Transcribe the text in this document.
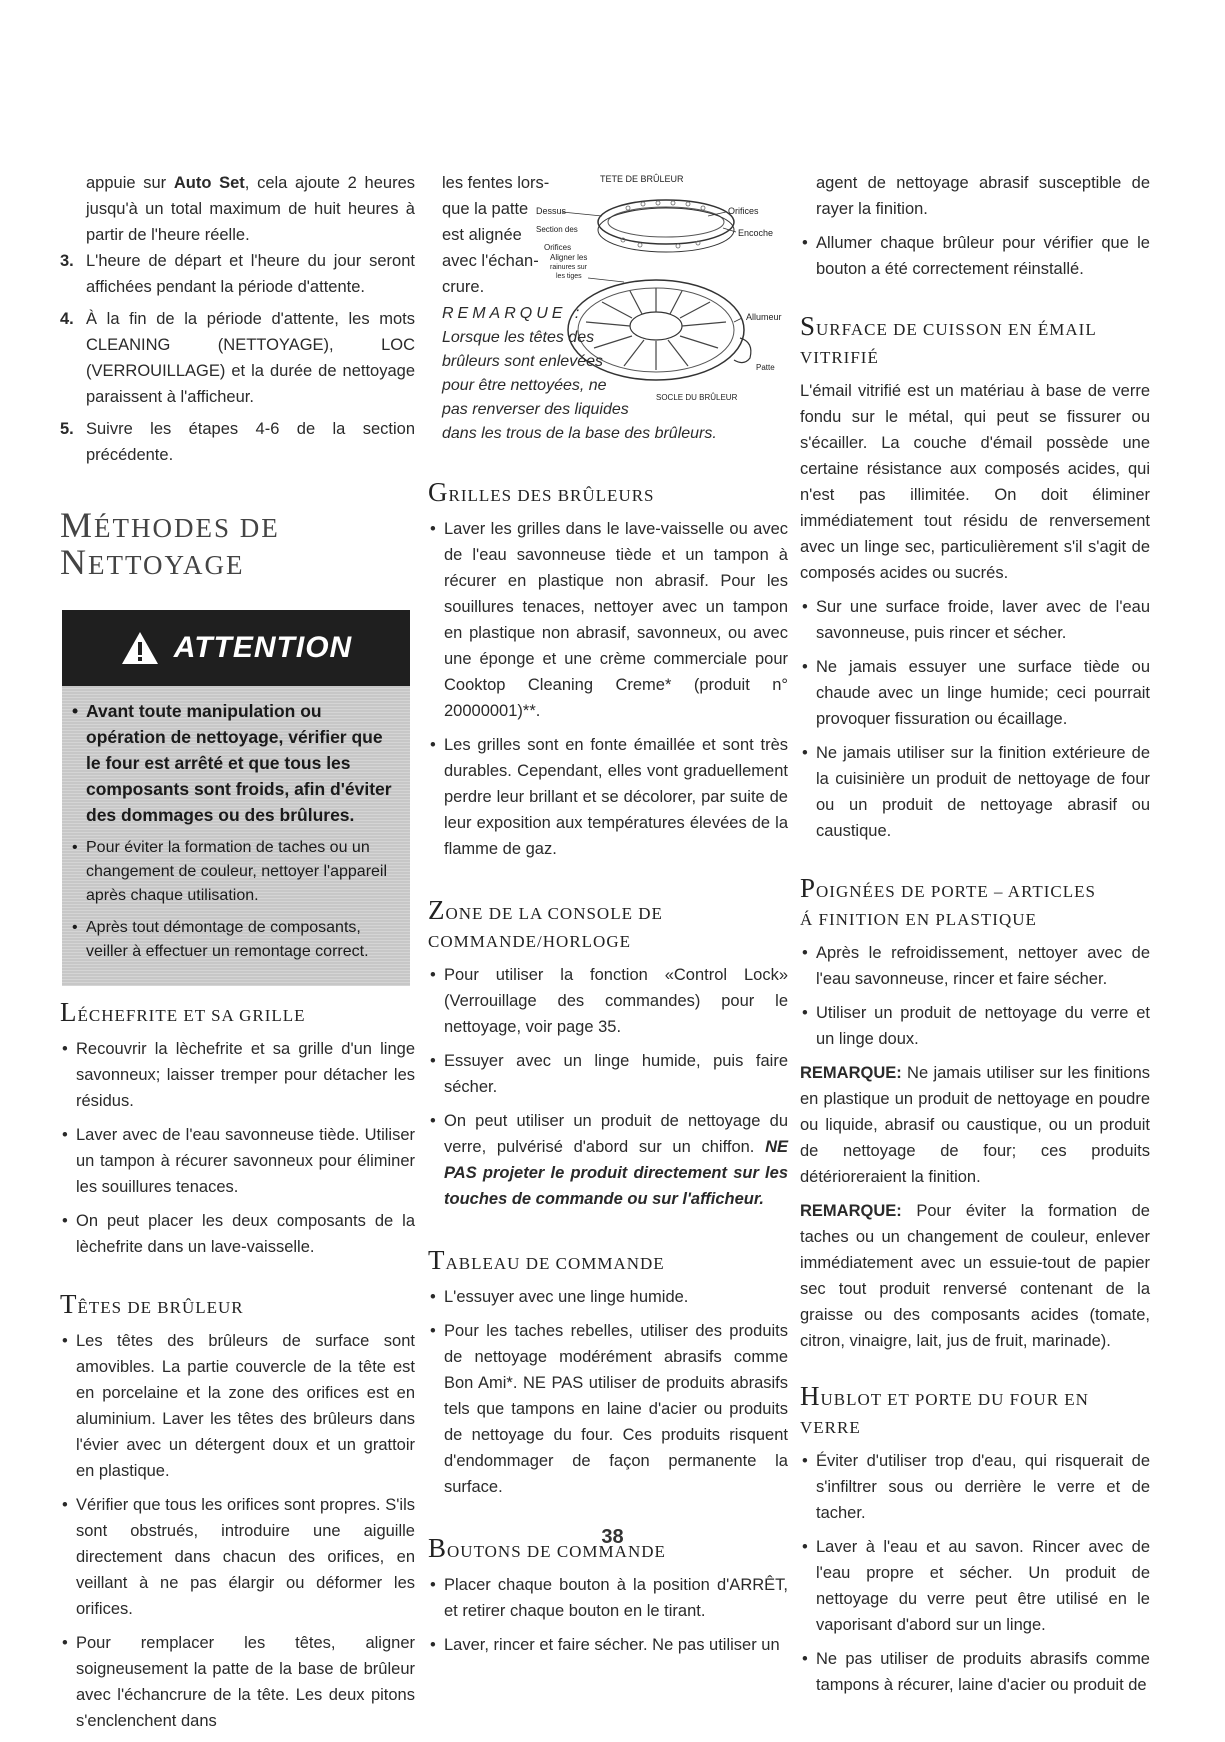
appuie sur Auto Set, cela ajoute 2 heures jusqu'à un total maximum de huit heures à partir de l'heure réelle.

3. L'heure de départ et l'heure du jour seront affichées pendant la période d'attente.
4. À la fin de la période d'attente, les mots CLEANING (NETTOYAGE), LOC (VERROUILLAGE) et la durée de nettoyage paraissent à l'afficheur.
5. Suivre les étapes 4-6 de la section précédente.
MÉTHODES DE
NETTOYAGE
ATTENTION
• Avant toute manipulation ou opération de nettoyage, vérifier que le four est arrêté et que tous les composants sont froids, afin d'éviter des dommages ou des brûlures.
• Pour éviter la formation de taches ou un changement de couleur, nettoyer l'appareil après chaque utilisation.
• Après tout démontage de composants, veiller à effectuer un remontage correct.
LÉCHEFRITE ET SA GRILLE
• Recouvrir la lèchefrite et sa grille d'un linge savonneux; laisser tremper pour détacher les résidus.
• Laver avec de l'eau savonneuse tiède. Utiliser un tampon à récurer savonneux pour éliminer les souillures tenaces.
• On peut placer les deux composants de la lèchefrite dans un lave-vaisselle.
TÊTES DE BRÛLEUR
• Les têtes des brûleurs de surface sont amovibles. La partie couvercle de la tête est en porcelaine et la zone des orifices est en aluminium. Laver les têtes des brûleurs dans l'évier avec un détergent doux et un grattoir en plastique.
• Vérifier que tous les orifices sont propres. S'ils sont obstrués, introduire une aiguille directement dans chacun des orifices, en veillant à ne pas élargir ou déformer les orifices.
• Pour remplacer les têtes, aligner soigneusement la patte de la base de brûleur avec l'échancrure de la tête. Les deux pitons s'enclenchent dans
les fentes lors-
que la patte
est alignée
avec l'échan-
crure.
TETE DE BRÛLEUR
Dessus	Orifices
Section des
Orifices
Encoche
Aligner les
rainures sur
les tiges
Allumeur
Patte
SOCLE DU BRÛLEUR
REMARQUE :
Lorsque les têtes des
brûleurs sont enlevées
pour être nettoyées, ne
pas renverser des liquides
dans les trous de la base des brûleurs.
GRILLES DES BRÛLEURS
• Laver les grilles dans le lave-vaisselle ou avec de l'eau savonneuse tiède et un tampon à récurer en plastique non abrasif. Pour les souillures tenaces, nettoyer avec un tampon en plastique non abrasif, savonneux, ou avec une éponge et une crème commerciale pour Cooktop Cleaning Creme* (produit n° 20000001)**.
• Les grilles sont en fonte émaillée et sont très durables. Cependant, elles vont graduellement perdre leur brillant et se décolorer, par suite de leur exposition aux températures élevées de la flamme de gaz.
ZONE DE LA CONSOLE DE
COMMANDE/HORLOGE
• Pour utiliser la fonction «Control Lock» (Verrouillage des commandes) pour le nettoyage, voir page 35.
• Essuyer avec un linge humide, puis faire sécher.
• On peut utiliser un produit de nettoyage du verre, pulvérisé d'abord sur un chiffon. NE PAS projeter le produit directement sur les touches de commande ou sur l'afficheur.
TABLEAU DE COMMANDE
• L'essuyer avec une linge humide.
• Pour les taches rebelles, utiliser des produits de nettoyage modérément abrasifs comme Bon Ami*. NE PAS utiliser de produits abrasifs tels que tampons en laine d'acier ou produits de nettoyage du four. Ces produits risquent d'endommager de façon permanente la surface.
BOUTONS DE COMMANDE
• Placer chaque bouton à la position d'ARRÊT, et retirer chaque bouton en le tirant.
• Laver, rincer et faire sécher. Ne pas utiliser un

agent de nettoyage abrasif susceptible de rayer la finition.

• Allumer chaque brûleur pour vérifier que le bouton a été correctement réinstallé.
SURFACE DE CUISSON EN ÉMAIL
VITRIFIÉ

L'émail vitrifié est un matériau à base de verre fondu sur le métal, qui peut se fissurer ou s'écailler. La couche d'émail possède une certaine résistance aux composés acides, qui n'est pas illimitée. On doit éliminer immédiatement tout résidu de renversement avec un linge sec, particulièrement s'il s'agit de composés acides ou sucrés.

• Sur une surface froide, laver avec de l'eau savonneuse, puis rincer et sécher.
• Ne jamais essuyer une surface tiède ou chaude avec un linge humide; ceci pourrait provoquer fissuration ou écaillage.
• Ne jamais utiliser sur la finition extérieure de la cuisinière un produit de nettoyage de four ou un produit de nettoyage abrasif ou caustique.
POIGNÉES DE PORTE – ARTICLES
Á FINITION EN PLASTIQUE
• Après le refroidissement, nettoyer avec de l'eau savonneuse, rincer et faire sécher.
• Utiliser un produit de nettoyage du verre et un linge doux.

REMARQUE: Ne jamais utiliser sur les finitions en plastique un produit de nettoyage en poudre ou liquide, abrasif ou caustique, ou un produit de nettoyage de four; ces produits détérioreraient la finition.

REMARQUE: Pour éviter la formation de taches ou un changement de couleur, enlever immédiatement avec un essuie-tout de papier sec tout produit renversé contenant de la graisse ou des composants acides (tomate, citron, vinaigre, lait, jus de fruit, marinade).

HUBLOT ET PORTE DU FOUR EN
VERRE
• Éviter d'utiliser trop d'eau, qui risquerait de s'infiltrer sous ou derrière le verre et de tacher.
• Laver à l'eau et au savon. Rincer avec de l'eau propre et sécher. Un produit de nettoyage du verre peut être utilisé en le vaporisant d'abord sur un linge.
• Ne pas utiliser de produits abrasifs comme tampons à récurer, laine d'acier ou produit de
38
